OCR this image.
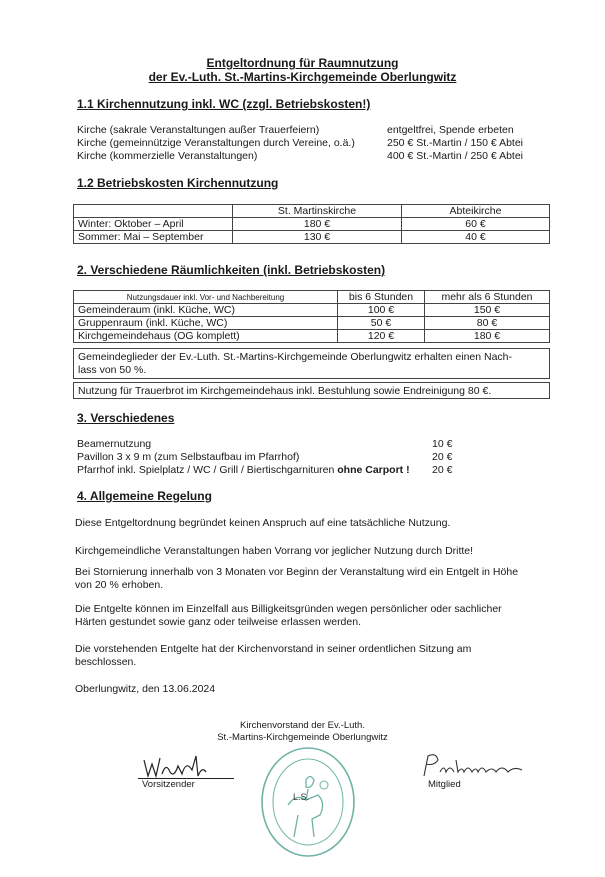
Entgeltordnung für Raumnutzung
der Ev.-Luth. St.-Martins-Kirchgemeinde Oberlungwitz
1.1 Kirchennutzung inkl. WC (zzgl. Betriebskosten!)
Kirche (sakrale Veranstaltungen außer Trauerfeiern)	entgeltfrei, Spende erbeten
Kirche (gemeinnützige Veranstaltungen durch Vereine, o.ä.)	250 € St.-Martin / 150 € Abtei
Kirche (kommerzielle Veranstaltungen)	400 € St.-Martin / 250 € Abtei
1.2 Betriebskosten Kirchennutzung
	St. Martinskirche	Abteikirche
Winter: Oktober – April	180 €	60 €
Sommer: Mai – September	130 €	40 €
2. Verschiedene Räumlichkeiten (inkl. Betriebskosten)
Nutzungsdauer inkl. Vor- und Nachbereitung	bis 6 Stunden	mehr als 6 Stunden
Gemeinderaum (inkl. Küche, WC)	100 €	150 €
Gruppenraum (inkl. Küche, WC)	50 €	80 €
Kirchgemeindehaus (OG komplett)	120 €	180 €
Gemeindeglieder der Ev.-Luth. St.-Martins-Kirchgemeinde Oberlungwitz erhalten einen Nach-
lass von 50 %.
Nutzung für Trauerbrot im Kirchgemeindehaus inkl. Bestuhlung sowie Endreinigung 80 €.
3. Verschiedenes
Beamernutzung	10 €
Pavillon 3 x 9 m (zum Selbstaufbau im Pfarrhof)	20 €
Pfarrhof inkl. Spielplatz / WC / Grill / Biertischgarnituren ohne Carport ! 20 €
4. Allgemeine Regelung
Diese Entgeltordnung begründet keinen Anspruch auf eine tatsächliche Nutzung.
Kirchgemeindliche Veranstaltungen haben Vorrang vor jeglicher Nutzung durch Dritte!
Bei Stornierung innerhalb von 3 Monaten vor Beginn der Veranstaltung wird ein Entgelt in Höhe
von 20 % erhoben.
Die Entgelte können im Einzelfall aus Billigkeitsgründen wegen persönlicher oder sachlicher
Härten gestundet sowie ganz oder teilweise erlassen werden.
Die vorstehenden Entgelte hat der Kirchenvorstand in seiner ordentlichen Sitzung am
beschlossen.
Oberlungwitz, den 13.06.2024
Kirchenvorstand der Ev.-Luth.
St.-Martins-Kirchgemeinde Oberlungwitz
Vorsitzender
L.S.
Mitglied
